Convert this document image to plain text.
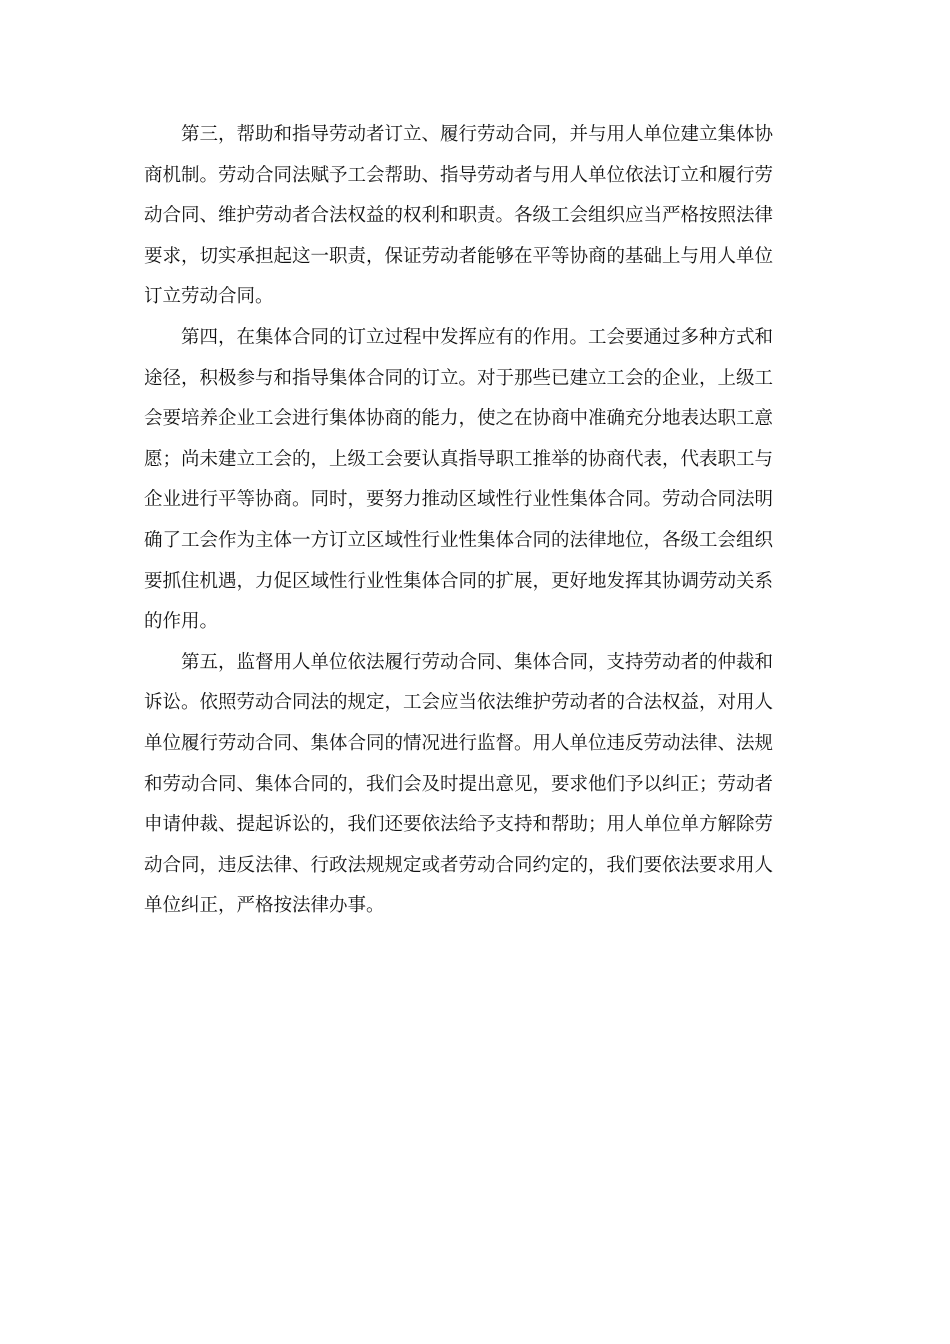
第三，帮助和指导劳动者订立、履行劳动合同，并与用人单位建立集体协
商机制。劳动合同法赋予工会帮助、指导劳动者与用人单位依法订立和履行劳
动合同、维护劳动者合法权益的权利和职责。各级工会组织应当严格按照法律
要求，切实承担起这一职责，保证劳动者能够在平等协商的基础上与用人单位
订立劳动合同。
第四，在集体合同的订立过程中发挥应有的作用。工会要通过多种方式和
途径，积极参与和指导集体合同的订立。对于那些已建立工会的企业，上级工
会要培养企业工会进行集体协商的能力，使之在协商中准确充分地表达职工意
愿；尚未建立工会的，上级工会要认真指导职工推举的协商代表，代表职工与
企业进行平等协商。同时，要努力推动区域性行业性集体合同。劳动合同法明
确了工会作为主体一方订立区域性行业性集体合同的法律地位，各级工会组织
要抓住机遇，力促区域性行业性集体合同的扩展，更好地发挥其协调劳动关系
的作用。
第五，监督用人单位依法履行劳动合同、集体合同，支持劳动者的仲裁和
诉讼。依照劳动合同法的规定，工会应当依法维护劳动者的合法权益，对用人
单位履行劳动合同、集体合同的情况进行监督。用人单位违反劳动法律、法规
和劳动合同、集体合同的，我们会及时提出意见，要求他们予以纠正；劳动者
申请仲裁、提起诉讼的，我们还要依法给予支持和帮助；用人单位单方解除劳
动合同，违反法律、行政法规规定或者劳动合同约定的，我们要依法要求用人
单位纠正，严格按法律办事。
